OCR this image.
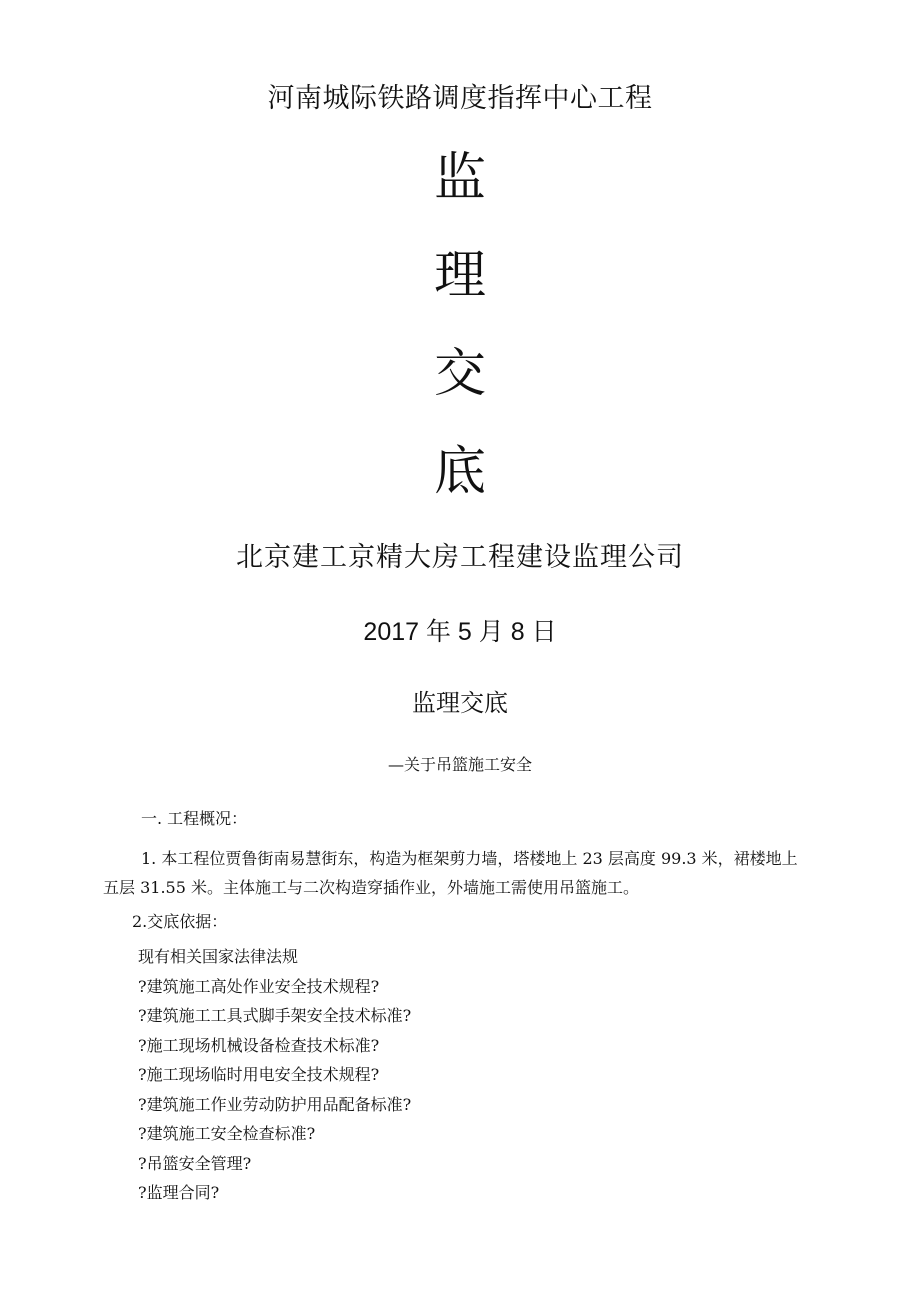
河南城际铁路调度指挥中心工程
监
理
交
底
北京建工京精大房工程建设监理公司
2017 年 5 月 8 日
监理交底
—关于吊篮施工安全
一. 工程概况：
1. 本工程位贾鲁街南易慧街东，构造为框架剪力墙，塔楼地上 23 层高度 99.3 米，裙楼地上
五层 31.55 米。主体施工与二次构造穿插作业，外墙施工需使用吊篮施工。
2.交底依据：
现有相关国家法律法规
?建筑施工高处作业安全技术规程?
?建筑施工工具式脚手架安全技术标准?
?施工现场机械设备检查技术标准?
?施工现场临时用电安全技术规程?
?建筑施工作业劳动防护用品配备标准?
?建筑施工安全检查标准?
?吊篮安全管理?
?监理合同?
